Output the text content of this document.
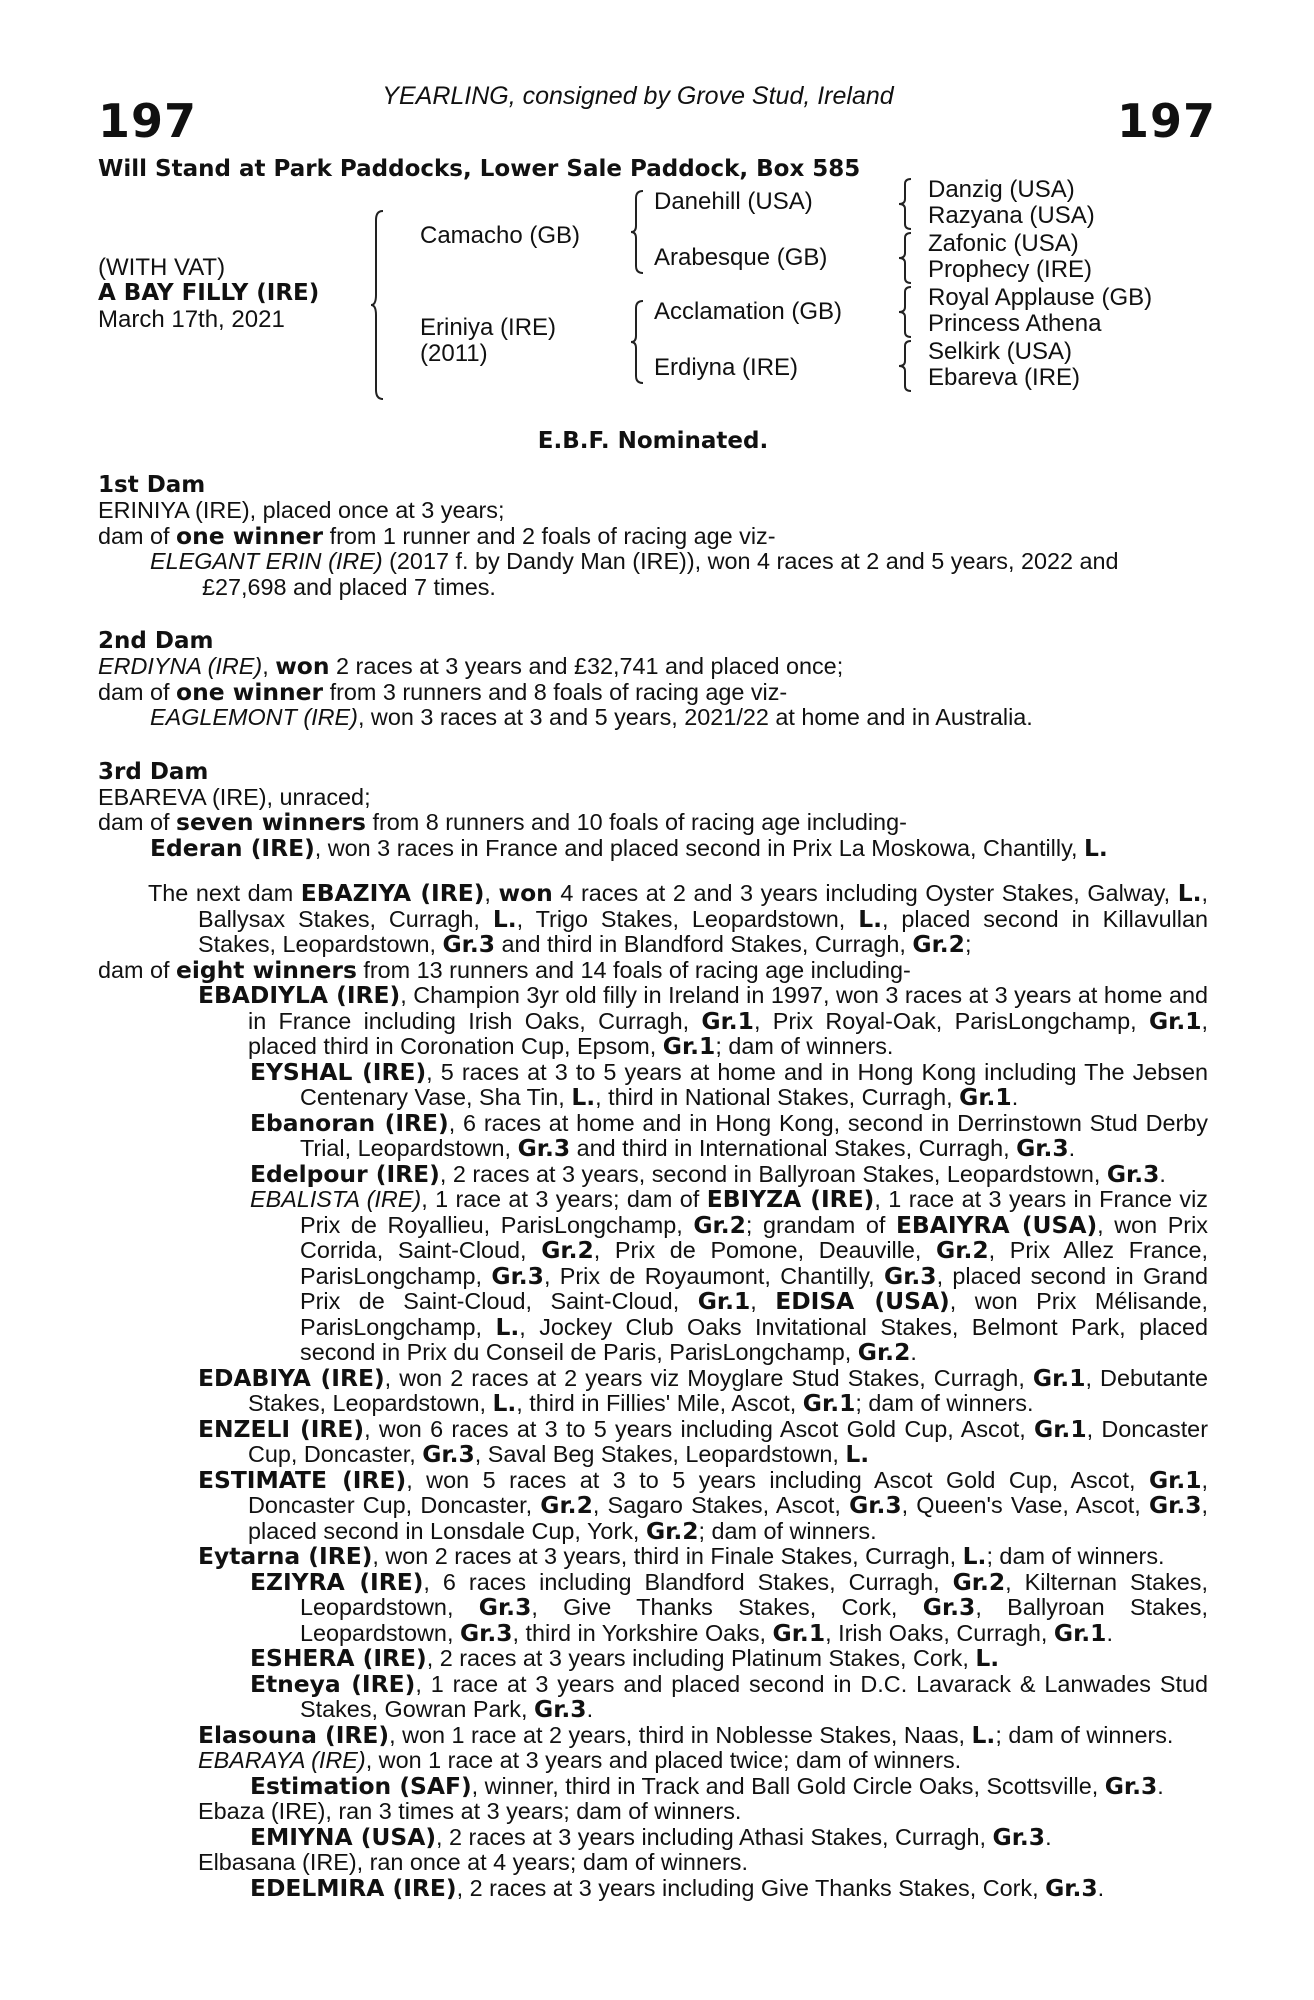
YEARLING, consigned by Grove Stud, Ireland
197	197
Will Stand at Park Paddocks, Lower Sale Paddock, Box 585
(WITH VAT)
A BAY FILLY (IRE)
March 17th, 2021
Camacho (GB)
Eriniya (IRE)
(2011)
Danehill (USA)
Arabesque (GB)
Acclamation (GB)
Erdiyna (IRE)
Danzig (USA)
Razyana (USA)
Zafonic (USA)
Prophecy (IRE)
Royal Applause (GB)
Princess Athena
Selkirk (USA)
Ebareva (IRE)
E.B.F. Nominated.
1st Dam
ERINIYA (IRE), placed once at 3 years;
dam of one winner from 1 runner and 2 foals of racing age viz-
ELEGANT ERIN (IRE) (2017 f. by Dandy Man (IRE)), won 4 races at 2 and 5 years, 2022 and
£27,698 and placed 7 times.
2nd Dam
ERDIYNA (IRE), won 2 races at 3 years and £32,741 and placed once;
dam of one winner from 3 runners and 8 foals of racing age viz-
EAGLEMONT (IRE), won 3 races at 3 and 5 years, 2021/22 at home and in Australia.
3rd Dam
EBAREVA (IRE), unraced;
dam of seven winners from 8 runners and 10 foals of racing age including-
Ederan (IRE), won 3 races in France and placed second in Prix La Moskowa, Chantilly, L.
The next dam EBAZIYA (IRE), won 4 races at 2 and 3 years including Oyster Stakes, Galway, L., Ballysax Stakes, Curragh, L., Trigo Stakes, Leopardstown, L., placed second in Killavullan Stakes, Leopardstown, Gr.3 and third in Blandford Stakes, Curragh, Gr.2;
dam of eight winners from 13 runners and 14 foals of racing age including-
EBADIYLA (IRE), Champion 3yr old filly in Ireland in 1997, won 3 races at 3 years at home and in France including Irish Oaks, Curragh, Gr.1, Prix Royal-Oak, ParisLongchamp, Gr.1, placed third in Coronation Cup, Epsom, Gr.1; dam of winners.
EYSHAL (IRE), 5 races at 3 to 5 years at home and in Hong Kong including The Jebsen Centenary Vase, Sha Tin, L., third in National Stakes, Curragh, Gr.1.
Ebanoran (IRE), 6 races at home and in Hong Kong, second in Derrinstown Stud Derby Trial, Leopardstown, Gr.3 and third in International Stakes, Curragh, Gr.3.
Edelpour (IRE), 2 races at 3 years, second in Ballyroan Stakes, Leopardstown, Gr.3.
EBALISTA (IRE), 1 race at 3 years; dam of EBIYZA (IRE), 1 race at 3 years in France viz Prix de Royallieu, ParisLongchamp, Gr.2; grandam of EBAIYRA (USA), won Prix Corrida, Saint-Cloud, Gr.2, Prix de Pomone, Deauville, Gr.2, Prix Allez France, ParisLongchamp, Gr.3, Prix de Royaumont, Chantilly, Gr.3, placed second in Grand Prix de Saint-Cloud, Saint-Cloud, Gr.1, EDISA (USA), won Prix Mélisande, ParisLongchamp, L., Jockey Club Oaks Invitational Stakes, Belmont Park, placed second in Prix du Conseil de Paris, ParisLongchamp, Gr.2.
EDABIYA (IRE), won 2 races at 2 years viz Moyglare Stud Stakes, Curragh, Gr.1, Debutante Stakes, Leopardstown, L., third in Fillies' Mile, Ascot, Gr.1; dam of winners.
ENZELI (IRE), won 6 races at 3 to 5 years including Ascot Gold Cup, Ascot, Gr.1, Doncaster Cup, Doncaster, Gr.3, Saval Beg Stakes, Leopardstown, L.
ESTIMATE (IRE), won 5 races at 3 to 5 years including Ascot Gold Cup, Ascot, Gr.1, Doncaster Cup, Doncaster, Gr.2, Sagaro Stakes, Ascot, Gr.3, Queen's Vase, Ascot, Gr.3, placed second in Lonsdale Cup, York, Gr.2; dam of winners.
Eytarna (IRE), won 2 races at 3 years, third in Finale Stakes, Curragh, L.; dam of winners.
EZIYRA (IRE), 6 races including Blandford Stakes, Curragh, Gr.2, Kilternan Stakes, Leopardstown, Gr.3, Give Thanks Stakes, Cork, Gr.3, Ballyroan Stakes, Leopardstown, Gr.3, third in Yorkshire Oaks, Gr.1, Irish Oaks, Curragh, Gr.1.
ESHERA (IRE), 2 races at 3 years including Platinum Stakes, Cork, L.
Etneya (IRE), 1 race at 3 years and placed second in D.C. Lavarack & Lanwades Stud Stakes, Gowran Park, Gr.3.
Elasouna (IRE), won 1 race at 2 years, third in Noblesse Stakes, Naas, L.; dam of winners.
EBARAYA (IRE), won 1 race at 3 years and placed twice; dam of winners.
Estimation (SAF), winner, third in Track and Ball Gold Circle Oaks, Scottsville, Gr.3.
Ebaza (IRE), ran 3 times at 3 years; dam of winners.
EMIYNA (USA), 2 races at 3 years including Athasi Stakes, Curragh, Gr.3.
Elbasana (IRE), ran once at 4 years; dam of winners.
EDELMIRA (IRE), 2 races at 3 years including Give Thanks Stakes, Cork, Gr.3.
